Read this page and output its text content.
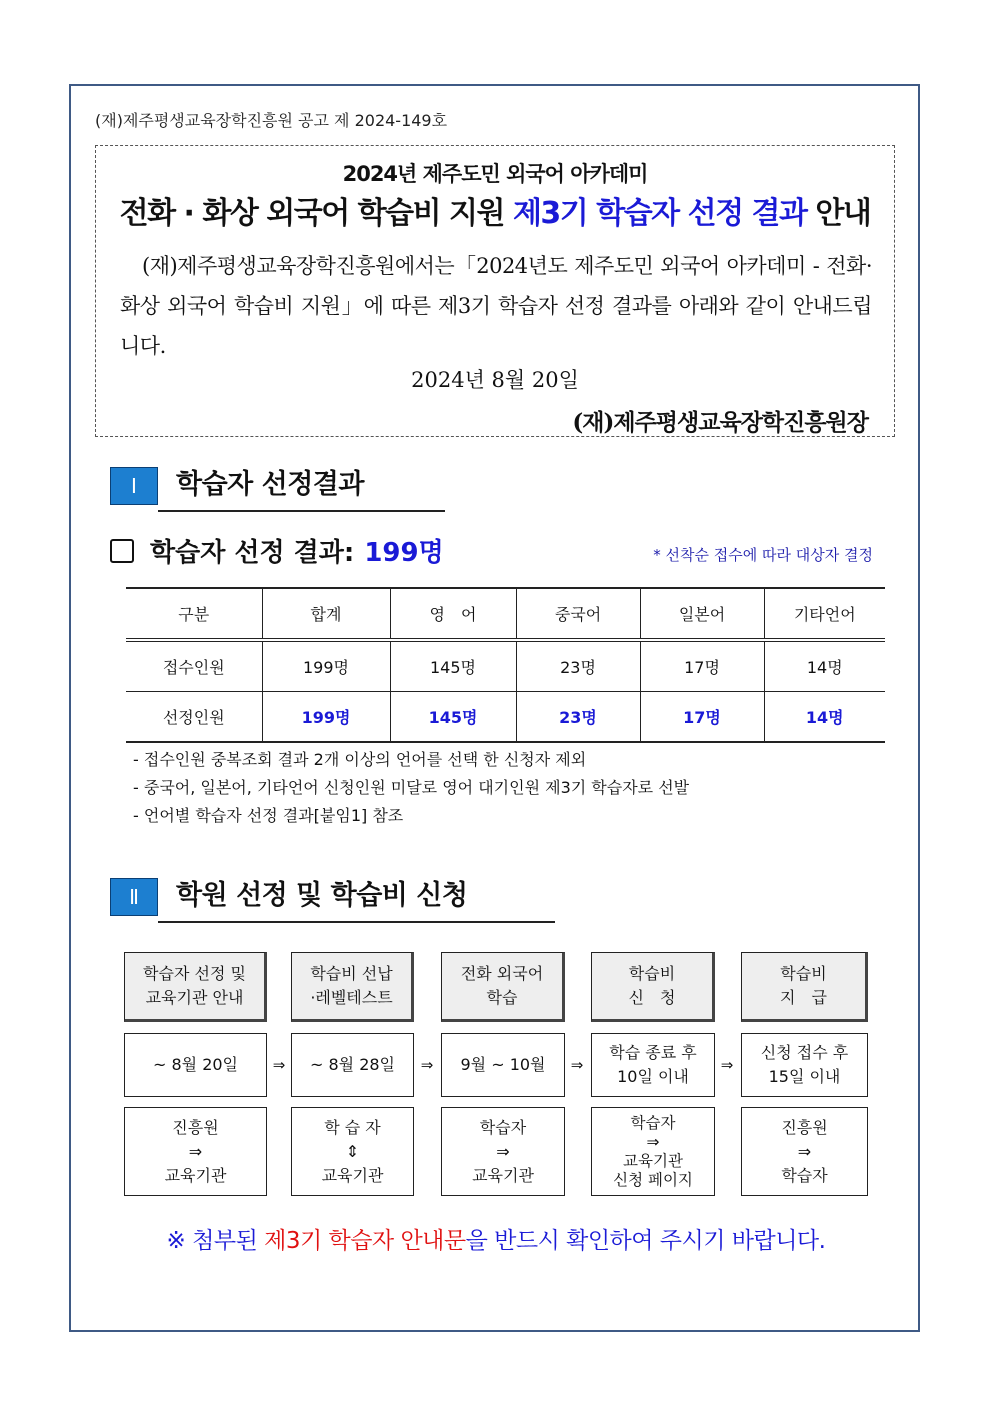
(재)제주평생교육장학진흥원 공고 제 2024-149호
2024년 제주도민 외국어 아카데미
전화 · 화상 외국어 학습비 지원 제3기 학습자 선정 결과 안내
(재)제주평생교육장학진흥원에서는「2024년도 제주도민 외국어 아카데미 - 전화·화상 외국어 학습비 지원」에 따른 제3기 학습자 선정 결과를 아래와 같이 안내드립니다.
2024년 8월 20일
(재)제주평생교육장학진흥원장
Ⅰ	학습자 선정결과
학습자 선정 결과: 199명	* 선착순 접수에 따라 대상자 결정
구분	합계	영　어	중국어	일본어	기타언어
접수인원	199명	145명	23명	17명	14명
선정인원	199명	145명	23명	17명	14명
- 접수인원 중복조회 결과 2개 이상의 언어를 선택 한 신청자 제외
- 중국어, 일본어, 기타언어 신청인원 미달로 영어 대기인원 제3기 학습자로 선발
- 언어별 학습자 선정 결과[붙임1] 참조
Ⅱ	학원 선정 및 학습비 신청
학습자 선정 및
교육기관 안내
학습비 선납
·레벨테스트
전화 외국어
학습
학습비
신　청
학습비
지　급
~ 8월 20일	⇒	~ 8월 28일	⇒	9월 ~ 10월	⇒
학습 종료 후
10일 이내
⇒
신청 접수 후
15일 이내
진흥원
⇒
교육기관
학 습 자
⇕
교육기관
학습자
⇒
교육기관
학습자
⇒
교육기관
신청 페이지
진흥원
⇒
학습자
※ 첨부된 제3기 학습자 안내문을 반드시 확인하여 주시기 바랍니다.
